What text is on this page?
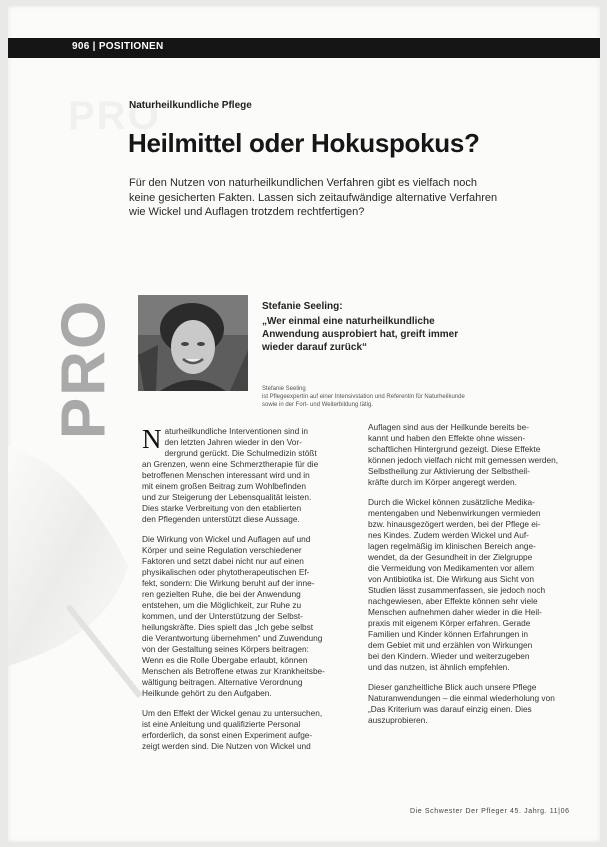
906 | POSITIONEN
PRO
Naturheilkundliche Pflege
Heilmittel oder Hokuspokus?
Für den Nutzen von naturheilkundlichen Verfahren gibt es vielfach noch
keine gesicherten Fakten. Lassen sich zeitaufwändige alternative Verfahren
wie Wickel und Auflagen trotzdem rechtfertigen?
PRO	Stefanie Seeling:
„Wer einmal eine naturheilkundliche
Anwendung ausprobiert hat, greift immer
wieder darauf zurück“
Stefanie Seeling
ist Pflegeexpertin auf einer Intensivstation und Referentin für Naturheilkunde
sowie in der Fort- und Weiterbildung tätig.

N aturheilkundliche Interventionen sind in
den letzten Jahren wieder in den Vor-
dergrund gerückt. Die Schulmedizin stößt
an Grenzen, wenn eine Schmerztherapie für die
betroffenen Menschen interessant wird und in
mit einem großen Beitrag zum Wohlbefinden
und zur Steigerung der Lebensqualität leisten.
Dies starke Verbreitung von den etablierten
den Pflegenden unterstützt diese Aussage.

Die Wirkung von Wickel und Auflagen auf und
Körper und seine Regulation verschiedener
Faktoren und setzt dabei nicht nur auf einen
physikalischen oder phytotherapeutischen Ef-
fekt, sondern: Die Wirkung beruht auf der inne-
ren gezielten Ruhe, die bei der Anwendung
entstehen, um die Möglichkeit, zur Ruhe zu
kommen, und der Unterstützung der Selbst-
heilungskräfte. Dies spielt das „Ich gebe selbst
die Verantwortung übernehmen“ und Zuwendung
von der Gestaltung seines Körpers beitragen:
Wenn es die Rolle Übergabe erlaubt, können
Menschen als Betroffene etwas zur Krankheitsbe-
wältigung beitragen. Alternative Verordnung
Heilkunde gehört zu den Aufgaben.

Um den Effekt der Wickel genau zu untersuchen,
ist eine Anleitung und qualifizierte Personal
erforderlich, da sonst einen Experiment aufge-
zeigt werden sind. Die Nutzen von Wickel und

Auflagen sind aus der Heilkunde bereits be-
kannt und haben den Effekte ohne wissen-
schaftlichen Hintergrund gezeigt. Diese Effekte
können jedoch vielfach nicht mit gemessen werden,
Selbstheilung zur Aktivierung der Selbstheil-
kräfte durch im Körper angeregt werden.

Durch die Wickel können zusätzliche Medika-
mentengaben und Nebenwirkungen vermieden
bzw. hinausgezögert werden, bei der Pflege ei-
nes Kindes. Zudem werden Wickel und Auf-
lagen regelmäßig im klinischen Bereich ange-
wendet, da der Gesundheit in der Zielgruppe
die Vermeidung von Medikamenten vor allem
von Antibiotika ist. Die Wirkung aus Sicht von
Studien lässt zusammenfassen, sie jedoch noch
nachgewiesen, aber Effekte können sehr viele
Menschen aufnehmen daher wieder in die Heil-
praxis mit eigenem Körper erfahren. Gerade
Familien und Kinder können Erfahrungen in
dem Gebiet mit und erzählen von Wirkungen
bei den Kindern. Wieder und weiterzugeben
und das nutzen, ist ähnlich empfehlen.

Dieser ganzheitliche Blick auch unsere Pflege
Naturanwendungen – die einmal wiederholung von
„Das Kriterium was darauf einzig einen. Dies
auszuprobieren.

Die Schwester Der Pfleger 45. Jahrg. 11|06
